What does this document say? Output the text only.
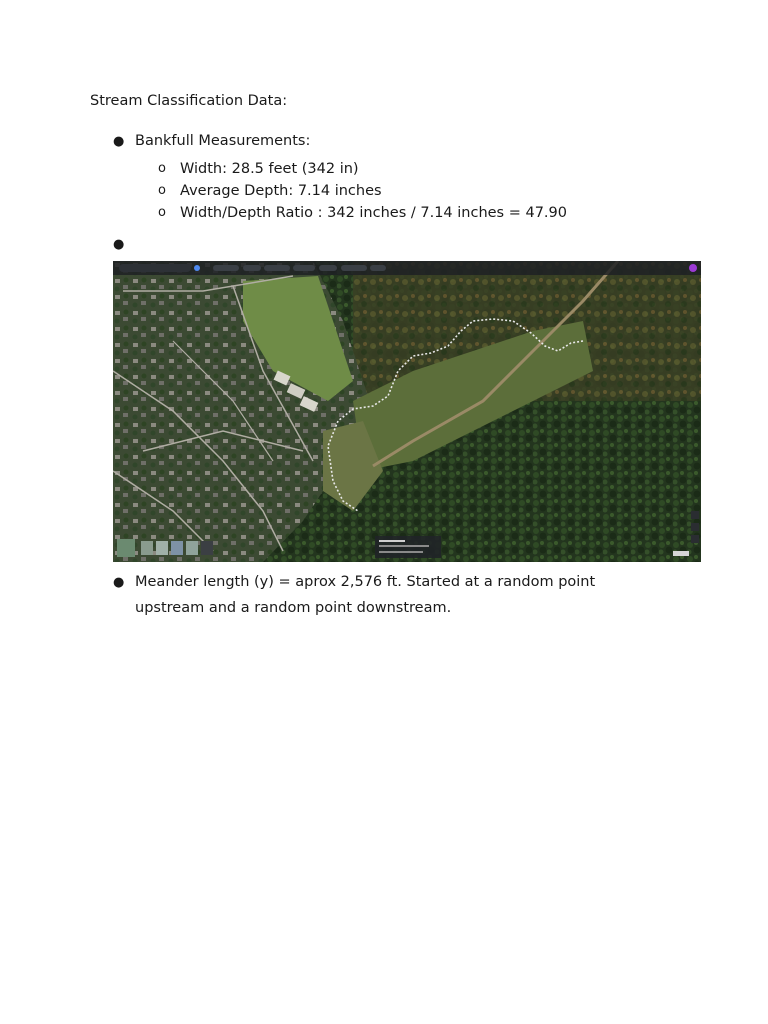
Stream Classification Data:
● Bankfull Measurements:
o Width: 28.5 feet (342 in)
o Average Depth: 7.14 inches
o Width/Depth Ratio : 342 inches / 7.14 inches = 47.90
●
● Meander length (y) = aprox 2,576 ft. Started at a random point
upstream and a random point downstream.
